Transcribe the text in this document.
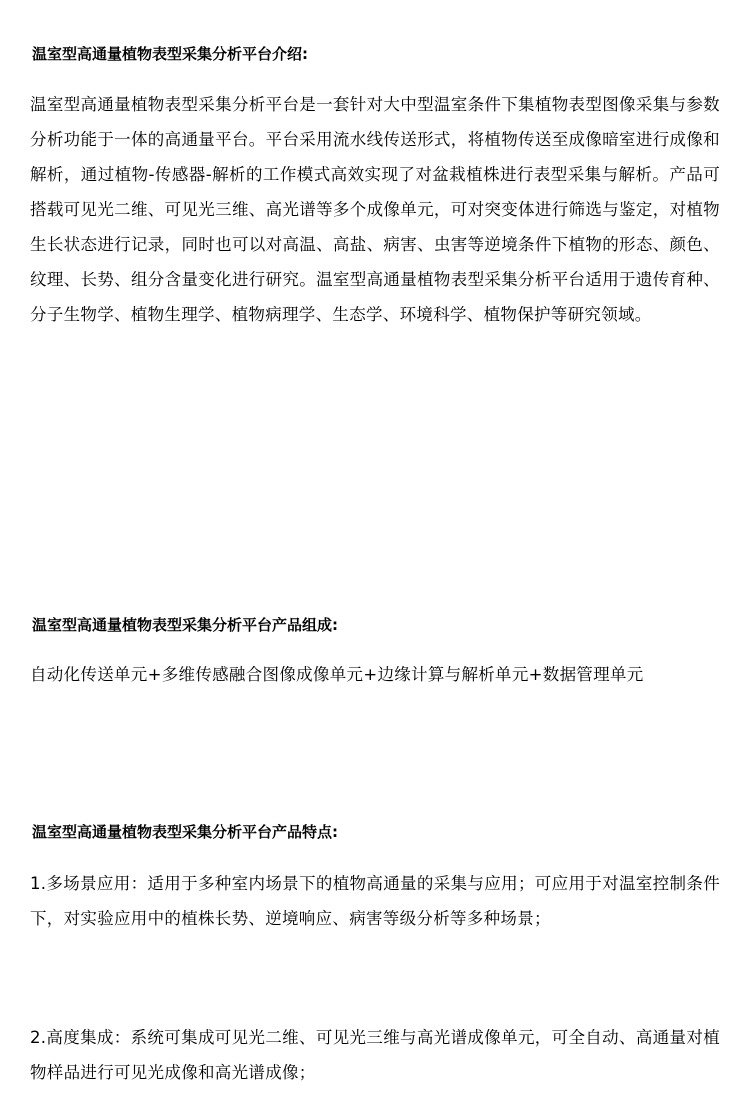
温室型高通量植物表型采集分析平台介绍:
温室型高通量植物表型采集分析平台是一套针对大中型温室条件下集植物表型图像采集与参数分析功能于一体的高通量平台。平台采用流水线传送形式，将植物传送至成像暗室进行成像和解析，通过植物-传感器-解析的工作模式高效实现了对盆栽植株进行表型采集与解析。产品可搭载可见光二维、可见光三维、高光谱等多个成像单元，可对突变体进行筛选与鉴定，对植物生长状态进行记录，同时也可以对高温、高盐、病害、虫害等逆境条件下植物的形态、颜色、纹理、长势、组分含量变化进行研究。温室型高通量植物表型采集分析平台适用于遗传育种、分子生物学、植物生理学、植物病理学、生态学、环境科学、植物保护等研究领域。
温室型高通量植物表型采集分析平台产品组成:
自动化传送单元+多维传感融合图像成像单元+边缘计算与解析单元+数据管理单元
温室型高通量植物表型采集分析平台产品特点:
1.多场景应用：适用于多种室内场景下的植物高通量的采集与应用；可应用于对温室控制条件下，对实验应用中的植株长势、逆境响应、病害等级分析等多种场景；
2.高度集成：系统可集成可见光二维、可见光三维与高光谱成像单元，可全自动、高通量对植物样品进行可见光成像和高光谱成像；
